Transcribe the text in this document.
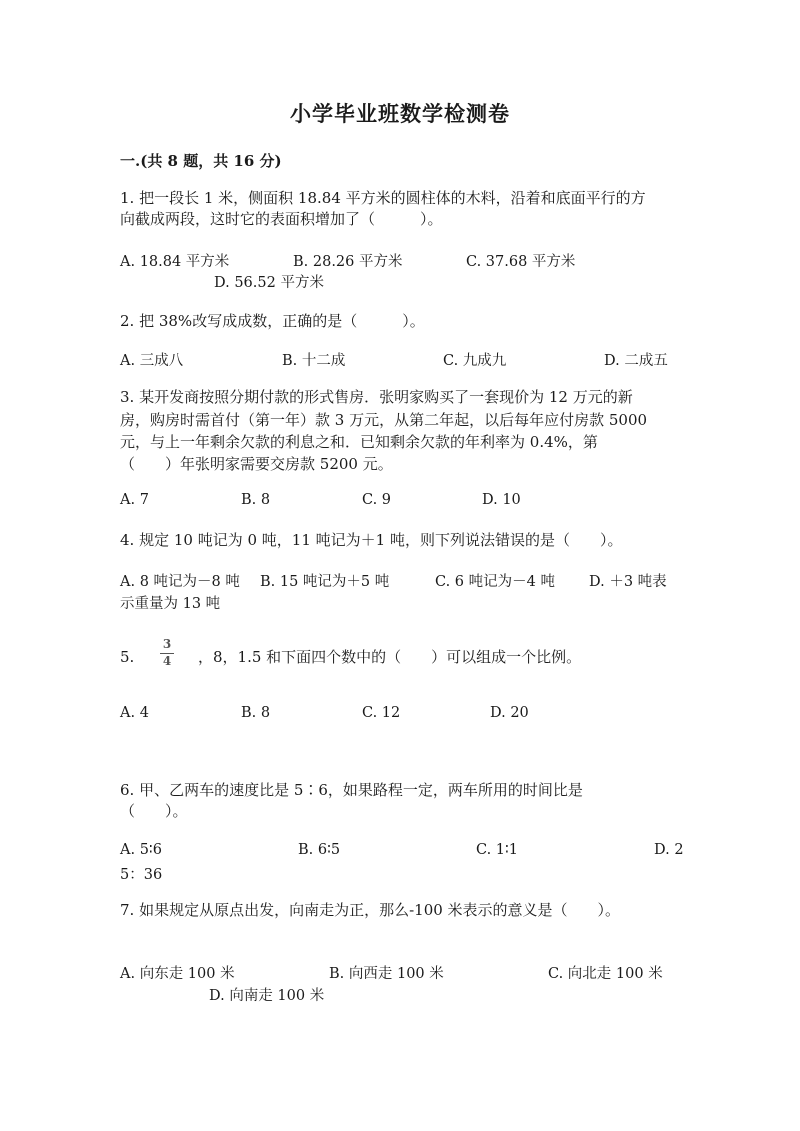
小学毕业班数学检测卷
一.(共 8 题，共 16 分)
1. 把一段长 1 米，侧面积 18.84 平方米的圆柱体的木料，沿着和底面平行的方
向截成两段，这时它的表面积增加了（　　　）。
A. 18.84 平方米	B. 28.26 平方米	C. 37.68 平方米
D. 56.52 平方米
2. 把 38%改写成成数，正确的是（　　　）。
A. 三成八	B. 十二成	C. 九成九	D. 二成五
3. 某开发商按照分期付款的形式售房．张明家购买了一套现价为 12 万元的新
房，购房时需首付（第一年）款 3 万元，从第二年起，以后每年应付房款 5000
元，与上一年剩余欠款的利息之和．已知剩余欠款的年利率为 0.4%，第
（　　）年张明家需要交房款 5200 元。
A. 7	B. 8	C. 9	D. 10
4. 规定 10 吨记为 0 吨，11 吨记为＋1 吨，则下列说法错误的是（　　）。
A. 8 吨记为－8 吨 B. 15 吨记为＋5 吨	C. 6 吨记为－4 吨 D. ＋3 吨表
示重量为 13 吨
5.
3
4 ，8，1.5 和下面四个数中的（　　）可以组成一个比例。
A. 4	B. 8	C. 12	D. 20
6. 甲、乙两车的速度比是 5∶6，如果路程一定，两车所用的时间比是
（　　）。
A. 5∶6	B. 6∶5	C. 1∶1	D. 2
5：36
7. 如果规定从原点出发，向南走为正，那么-100 米表示的意义是（　　）。
A. 向东走 100 米	B. 向西走 100 米	C. 向北走 100 米
D. 向南走 100 米
